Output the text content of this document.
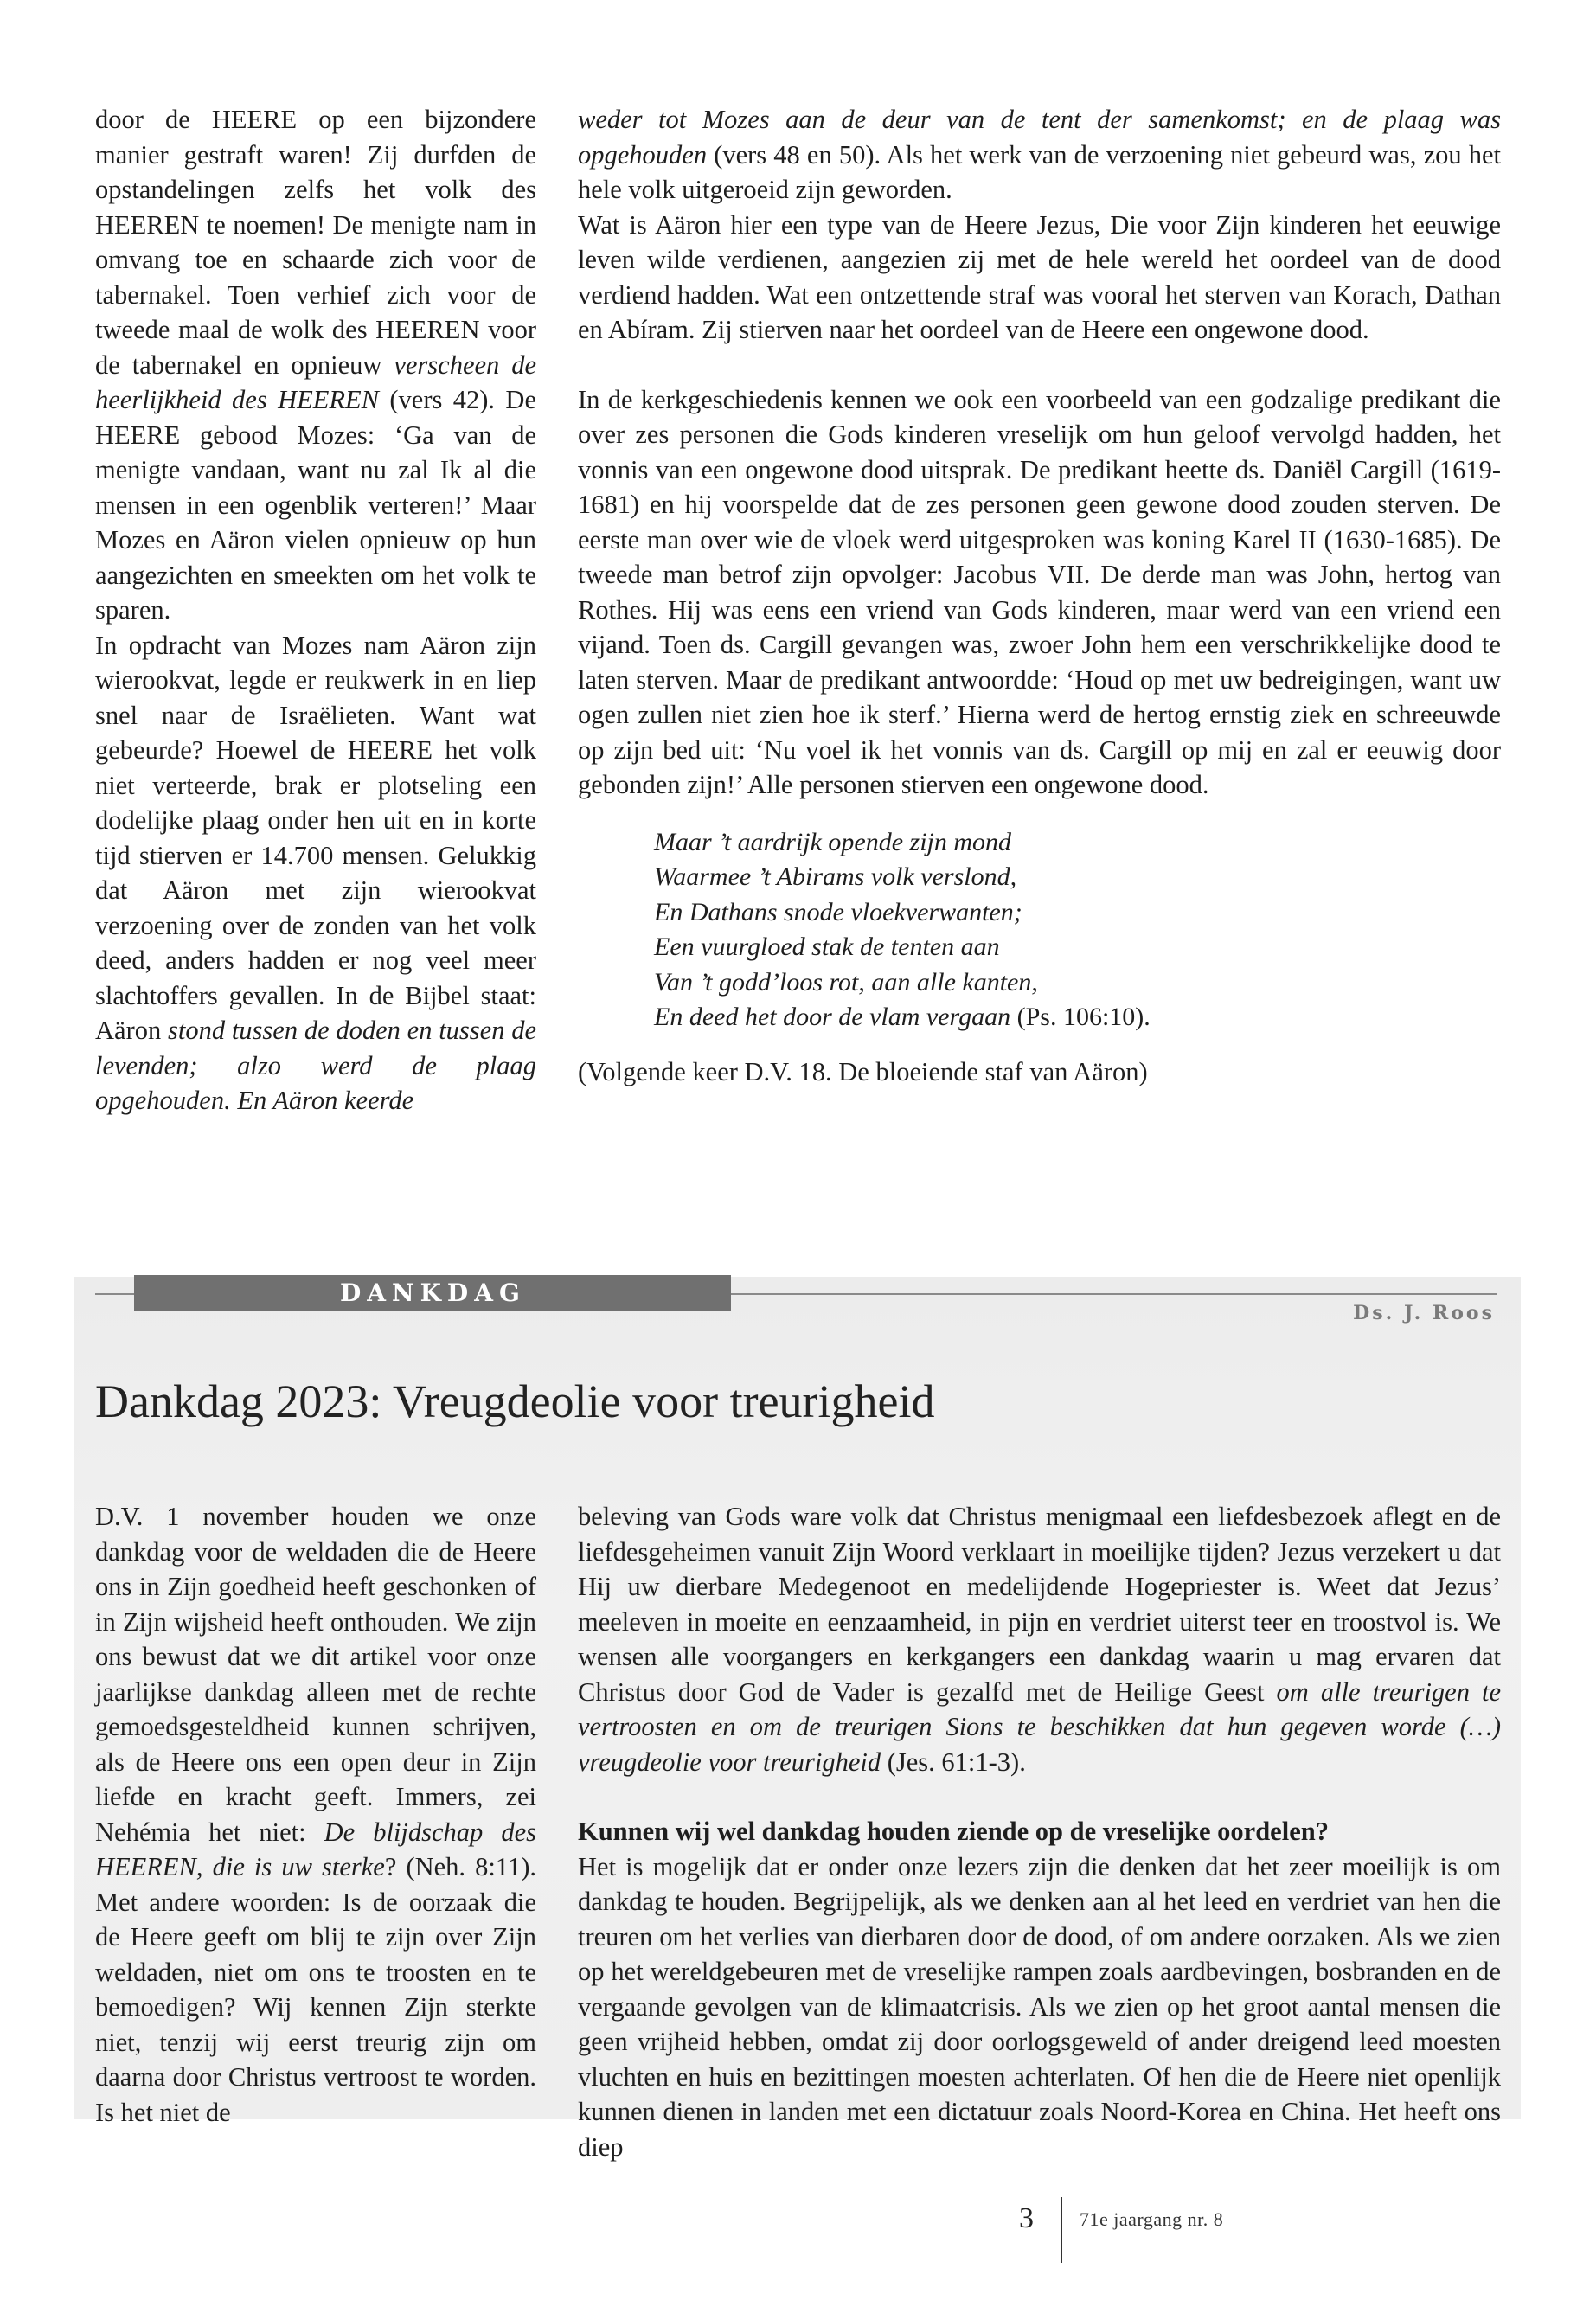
door de HEERE op een bijzondere manier gestraft waren! Zij durfden de opstandelingen zelfs het volk des HEEREN te noemen! De menigte nam in omvang toe en schaarde zich voor de tabernakel. Toen verhief zich voor de tweede maal de wolk des HEEREN voor de tabernakel en opnieuw verscheen de heerlijkheid des HEEREN (vers 42). De HEERE gebood Mozes: ‘Ga van de menigte vandaan, want nu zal Ik al die mensen in een ogenblik verteren!’ Maar Mozes en Aäron vielen opnieuw op hun aangezichten en smeekten om het volk te sparen.

In opdracht van Mozes nam Aäron zijn wierookvat, legde er reukwerk in en liep snel naar de Israëlieten. Want wat gebeurde? Hoewel de HEERE het volk niet verteerde, brak er plotseling een dodelijke plaag onder hen uit en in korte tijd stierven er 14.700 mensen. Gelukkig dat Aäron met zijn wierookvat verzoening over de zonden van het volk deed, anders hadden er nog veel meer slachtoffers gevallen. In de Bijbel staat: Aäron stond tussen de doden en tussen de levenden; alzo werd de plaag opgehouden. En Aäron keerde

weder tot Mozes aan de deur van de tent der samenkomst; en de plaag was opgehouden (vers 48 en 50). Als het werk van de verzoening niet gebeurd was, zou het hele volk uitgeroeid zijn geworden.

Wat is Aäron hier een type van de Heere Jezus, Die voor Zijn kinderen het eeuwige leven wilde verdienen, aangezien zij met de hele wereld het oordeel van de dood verdiend hadden. Wat een ontzettende straf was vooral het sterven van Korach, Dathan en Abíram. Zij stierven naar het oordeel van de Heere een ongewone dood.

In de kerkgeschiedenis kennen we ook een voorbeeld van een godzalige predikant die over zes personen die Gods kinderen vreselijk om hun geloof vervolgd hadden, het vonnis van een ongewone dood uitsprak. De predikant heette ds. Daniël Cargill (1619-1681) en hij voorspelde dat de zes personen geen gewone dood zouden sterven. De eerste man over wie de vloek werd uitgesproken was koning Karel II (1630-1685). De tweede man betrof zijn opvolger: Jacobus VII. De derde man was John, hertog van Rothes. Hij was eens een vriend van Gods kinderen, maar werd van een vriend een vijand. Toen ds. Cargill gevangen was, zwoer John hem een verschrikkelijke dood te laten sterven. Maar de predikant antwoordde: ‘Houd op met uw bedreigingen, want uw ogen zullen niet zien hoe ik sterf.’ Hierna werd de hertog ernstig ziek en schreeuwde op zijn bed uit: ‘Nu voel ik het vonnis van ds. Cargill op mij en zal er eeuwig door gebonden zijn!’ Alle personen stierven een ongewone dood.

Maar ’t aardrijk opende zijn mond
Waarmee ’t Abirams volk verslond,
En Dathans snode vloekverwanten;
Een vuurgloed stak de tenten aan
Van ’t godd’loos rot, aan alle kanten,
En deed het door de vlam vergaan (Ps. 106:10).
(Volgende keer D.V. 18. De bloeiende staf van Aäron)
DANKDAG
Ds. J. Roos
Dankdag 2023: Vreugdeolie voor treurigheid

D.V. 1 november houden we onze dankdag voor de weldaden die de Heere ons in Zijn goedheid heeft geschonken of in Zijn wijsheid heeft onthouden. We zijn ons bewust dat we dit artikel voor onze jaarlijkse dankdag alleen met de rechte gemoedsgesteldheid kunnen schrijven, als de Heere ons een open deur in Zijn liefde en kracht geeft. Immers, zei Nehémia het niet: De blijdschap des HEEREN, die is uw sterke? (Neh. 8:11). Met andere woorden: Is de oorzaak die de Heere geeft om blij te zijn over Zijn weldaden, niet om ons te troosten en te bemoedigen? Wij kennen Zijn sterkte niet, tenzij wij eerst treurig zijn om daarna door Christus vertroost te worden. Is het niet de

beleving van Gods ware volk dat Christus menigmaal een liefdesbezoek aflegt en de liefdesgeheimen vanuit Zijn Woord verklaart in moeilijke tijden? Jezus verzekert u dat Hij uw dierbare Medegenoot en medelijdende Hogepriester is. Weet dat Jezus’ meeleven in moeite en eenzaamheid, in pijn en verdriet uiterst teer en troostvol is. We wensen alle voorgangers en kerkgangers een dankdag waarin u mag ervaren dat Christus door God de Vader is gezalfd met de Heilige Geest om alle treurigen te vertroosten en om de treurigen Sions te beschikken dat hun gegeven worde (…) vreugdeolie voor treurigheid (Jes. 61:1-3).

Kunnen wij wel dankdag houden ziende op de vreselijke oordelen?

Het is mogelijk dat er onder onze lezers zijn die denken dat het zeer moeilijk is om dankdag te houden. Begrijpelijk, als we denken aan al het leed en verdriet van hen die treuren om het verlies van dierbaren door de dood, of om andere oorzaken. Als we zien op het wereldgebeuren met de vreselijke rampen zoals aardbevingen, bosbranden en de vergaande gevolgen van de klimaatcrisis. Als we zien op het groot aantal mensen die geen vrijheid hebben, omdat zij door oorlogsgeweld of ander dreigend leed moesten vluchten en huis en bezittingen moesten achterlaten. Of hen die de Heere niet openlijk kunnen dienen in landen met een dictatuur zoals Noord-Korea en China. Het heeft ons diep

3 71e jaargang nr. 8
